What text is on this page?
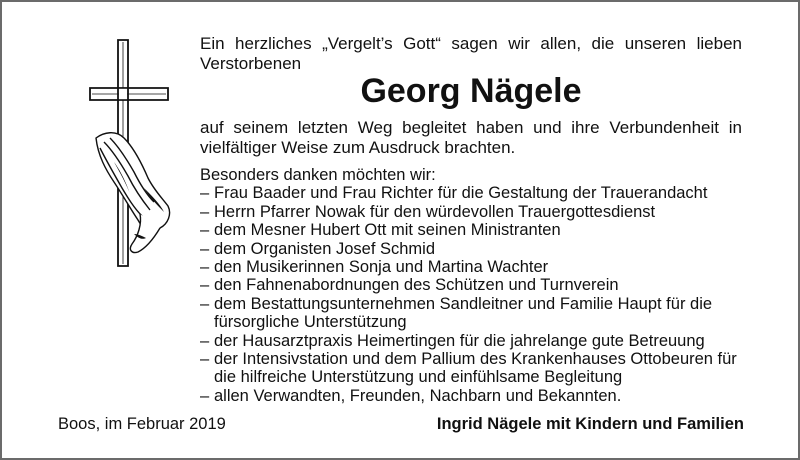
Ein herzliches „Vergelt’s Gott“ sagen wir allen, die unseren lieben Verstorbenen
Georg Nägele
auf seinem letzten Weg begleitet haben und ihre Verbundenheit in vielfältiger Weise zum Ausdruck brachten.
Besonders danken möchten wir:
– Frau Baader und Frau Richter für die Gestaltung der Trauerandacht
– Herrn Pfarrer Nowak für den würdevollen Trauergottesdienst
– dem Mesner Hubert Ott mit seinen Ministranten
– dem Organisten Josef Schmid
– den Musikerinnen Sonja und Martina Wachter
– den Fahnenabordnungen des Schützen und Turnverein
– dem Bestattungsunternehmen Sandleitner und Familie Haupt für die fürsorgliche Unterstützung
– der Hausarztpraxis Heimertingen für die jahrelange gute Betreuung
– der Intensivstation und dem Pallium des Krankenhauses Ottobeuren für die hilfreiche Unterstützung und einfühlsame Begleitung
– allen Verwandten, Freunden, Nachbarn und Bekannten.
Boos, im Februar 2019	Ingrid Nägele mit Kindern und Familien
